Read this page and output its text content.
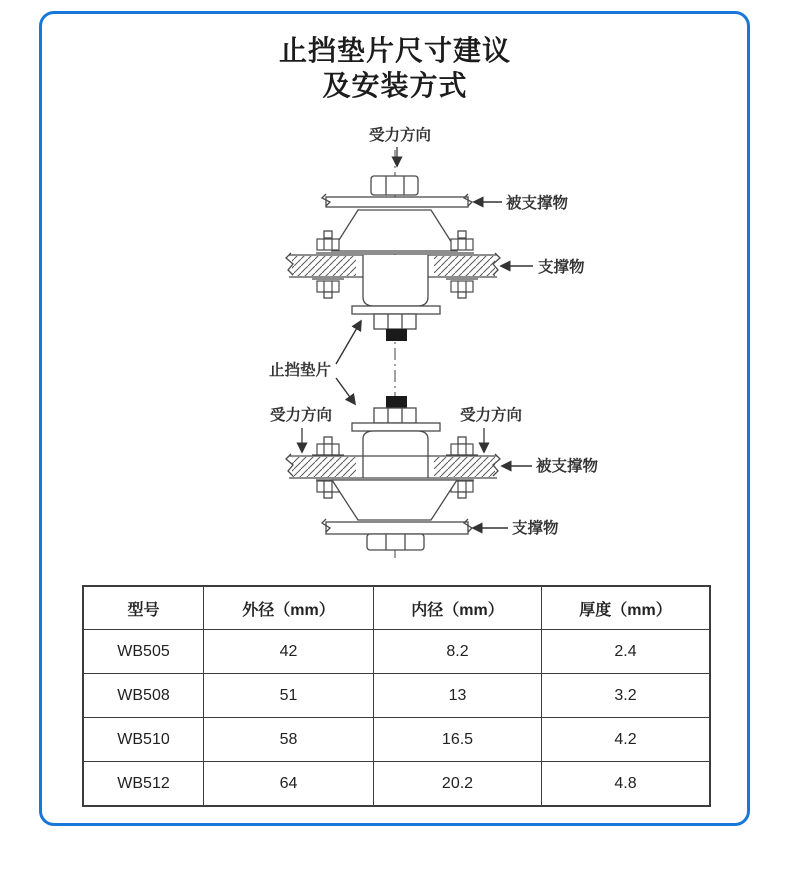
止挡垫片尺寸建议
及安装方式
受力方向
被支撑物
支撑物
止挡垫片
受力方向	受力方向
被支撑物
支撑物
型号	外径（mm）	内径（mm）	厚度（mm）
WB505	42	8.2	2.4
WB508	51	13	3.2
WB510	58	16.5	4.2
WB512	64	20.2	4.8
